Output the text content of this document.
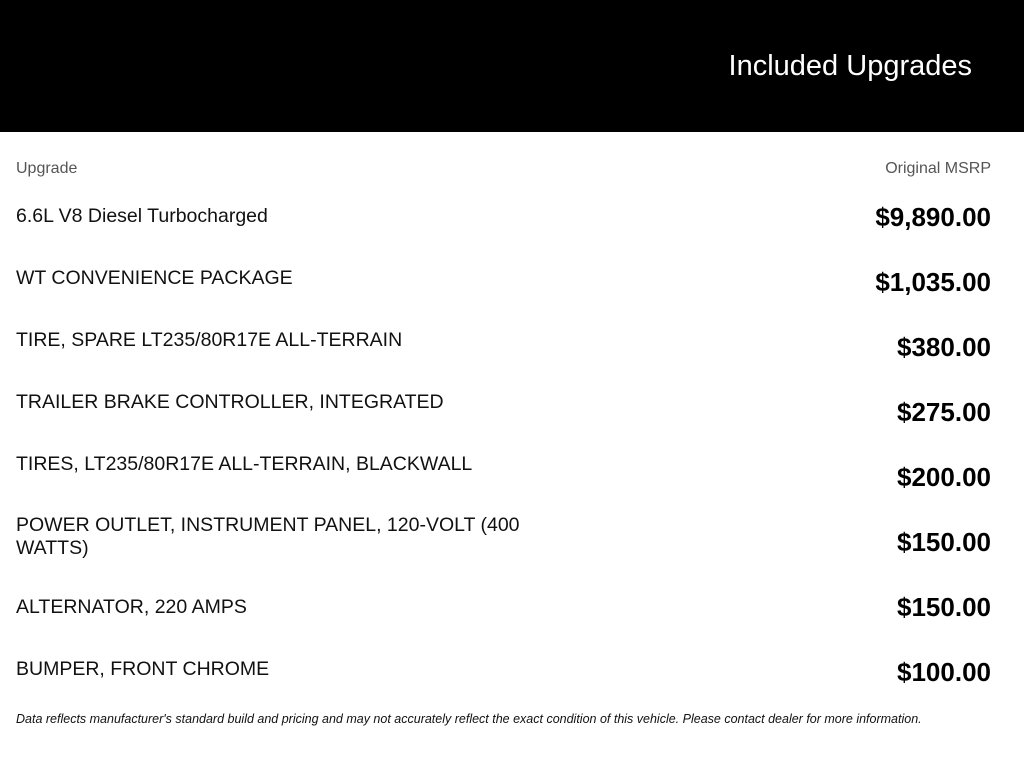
Included Upgrades
Upgrade	Original MSRP
6.6L V8 Diesel Turbocharged	$9,890.00
WT CONVENIENCE PACKAGE	$1,035.00
TIRE, SPARE LT235/80R17E ALL-TERRAIN	$380.00
TRAILER BRAKE CONTROLLER, INTEGRATED	$275.00
TIRES, LT235/80R17E ALL-TERRAIN, BLACKWALL	$200.00
POWER OUTLET, INSTRUMENT PANEL, 120-VOLT (400 WATTS)	$150.00
ALTERNATOR, 220 AMPS	$150.00
BUMPER, FRONT CHROME	$100.00
Data reflects manufacturer's standard build and pricing and may not accurately reflect the exact condition of this vehicle. Please contact dealer for more information.
